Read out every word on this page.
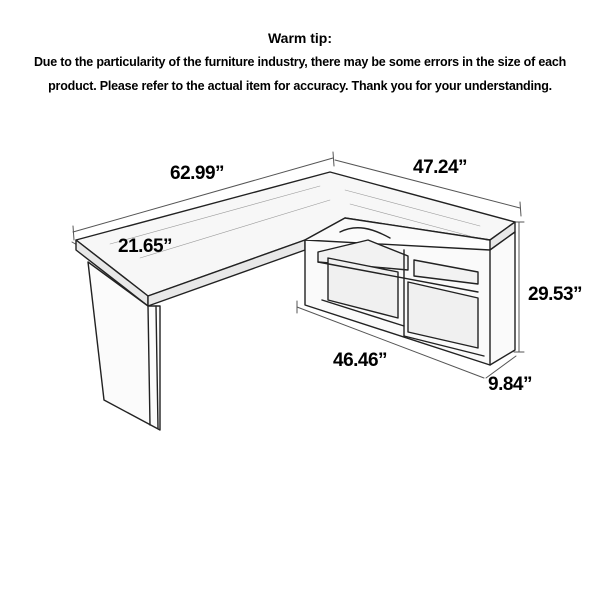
Warm tip:
Due to the particularity of the furniture industry, there may be some errors in the size of each
product. Please refer to the actual item for accuracy. Thank you for your understanding.
62.99”	47.24”
21.65”
29.53”
46.46”
9.84”
